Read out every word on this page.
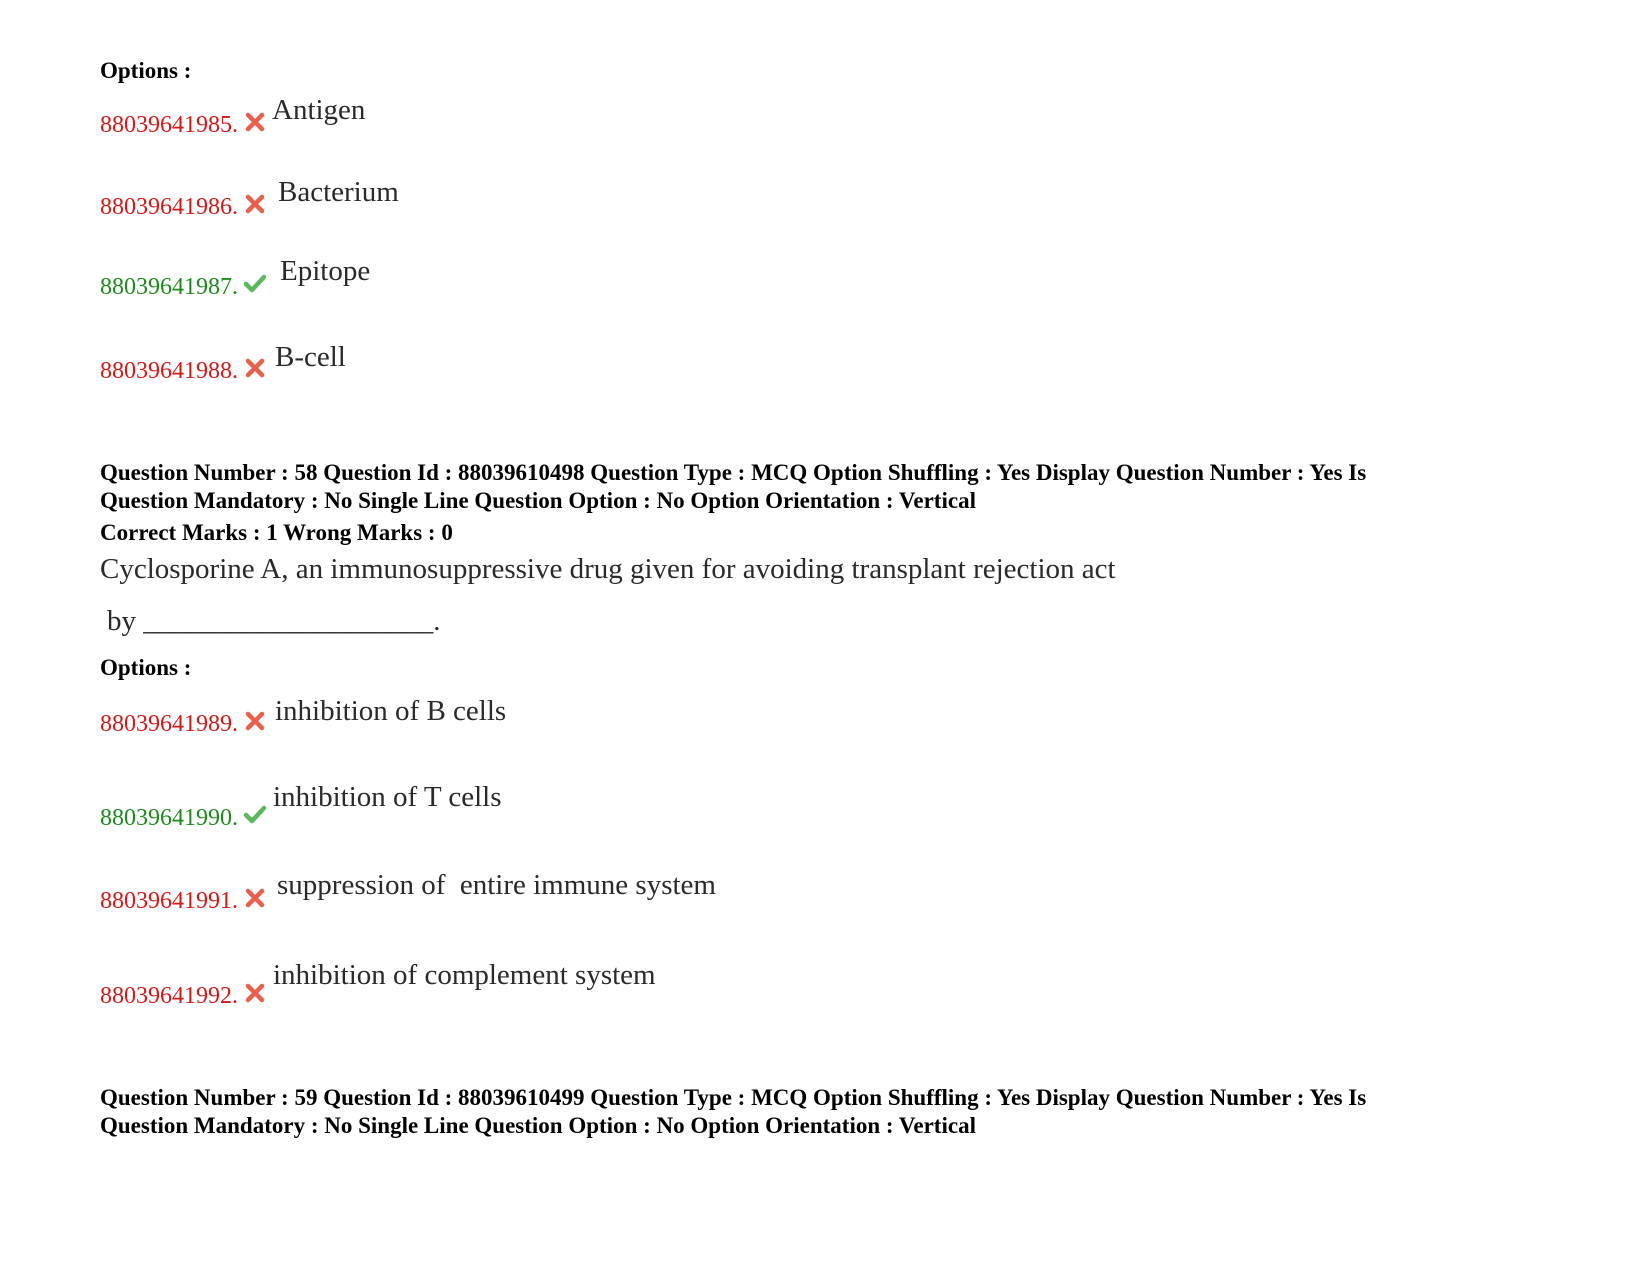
Options :
88039641985. Antigen
88039641986. Bacterium
88039641987. Epitope
88039641988. B-cell
Question Number : 58 Question Id : 88039610498 Question Type : MCQ Option Shuffling : Yes Display Question Number : Yes Is
Question Mandatory : No Single Line Question Option : No Option Orientation : Vertical
Correct Marks : 1 Wrong Marks : 0
Cyclosporine A, an immunosuppressive drug given for avoiding transplant rejection act
by ____________________.
Options :
88039641989. inhibition of B cells
88039641990.
inhibition of T cells
88039641991. suppression of  entire immune system
88039641992.
inhibition of complement system
Question Number : 59 Question Id : 88039610499 Question Type : MCQ Option Shuffling : Yes Display Question Number : Yes Is
Question Mandatory : No Single Line Question Option : No Option Orientation : Vertical
